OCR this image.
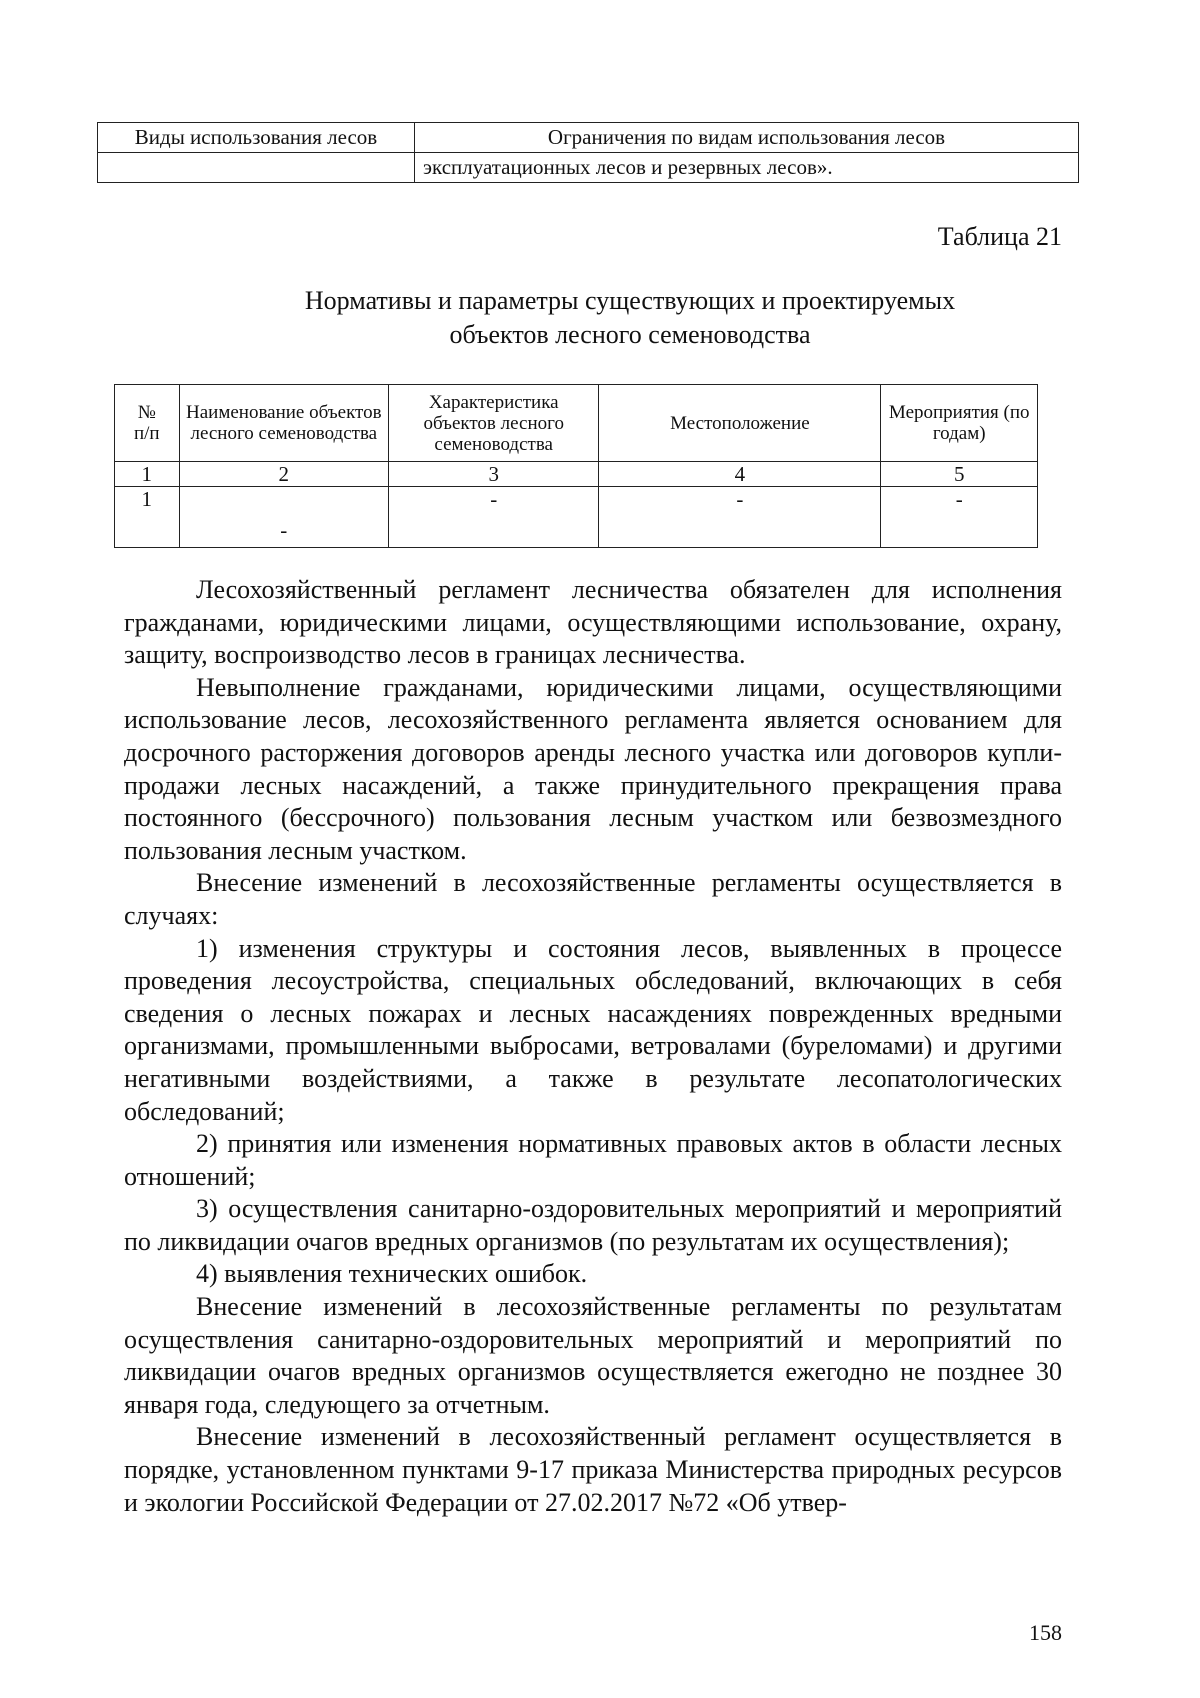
Виды использования лесов	Ограничения по видам использования лесов
	эксплуатационных лесов и резервных лесов».
Таблица 21
Нормативы и параметры существующих и проектируемых
объектов лесного семеноводства
№
п/п	Наименование объектов лесного семеноводства	Характеристика объектов лесного семеноводства	Местоположение	Мероприятия (по годам)
1	2	3	4	5
1	-	-	-	-

Лесохозяйственный регламент лесничества обязателен для исполнения гражданами, юридическими лицами, осуществляющими использование, охрану, защиту, воспроизводство лесов в границах лесничества.

Невыполнение гражданами, юридическими лицами, осуществляющими использование лесов, лесохозяйственного регламента является основанием для досрочного расторжения договоров аренды лесного участка или договоров купли-продажи лесных насаждений, а также принудительного прекращения права постоянного (бессрочного) пользования лесным участком или безвозмездного пользования лесным участком.

Внесение изменений в лесохозяйственные регламенты осуществляется в случаях:

1) изменения структуры и состояния лесов, выявленных в процессе проведения лесоустройства, специальных обследований, включающих в себя сведения о лесных пожарах и лесных насаждениях поврежденных вредными организмами, промышленными выбросами, ветровалами (буреломами) и другими негативными воздействиями, а также в результате лесопатологических обследований;

2) принятия или изменения нормативных правовых актов в области лесных отношений;

3) осуществления санитарно-оздоровительных мероприятий и мероприятий по ликвидации очагов вредных организмов (по результатам их осуществления);

4) выявления технических ошибок.

Внесение изменений в лесохозяйственные регламенты по результатам осуществления санитарно-оздоровительных мероприятий и мероприятий по ликвидации очагов вредных организмов осуществляется ежегодно не позднее 30 января года, следующего за отчетным.

Внесение изменений в лесохозяйственный регламент осуществляется в порядке, установленном пунктами 9-17 приказа Министерства природных ресурсов и экологии Российской Федерации от 27.02.2017 №72 «Об утвер-

158
